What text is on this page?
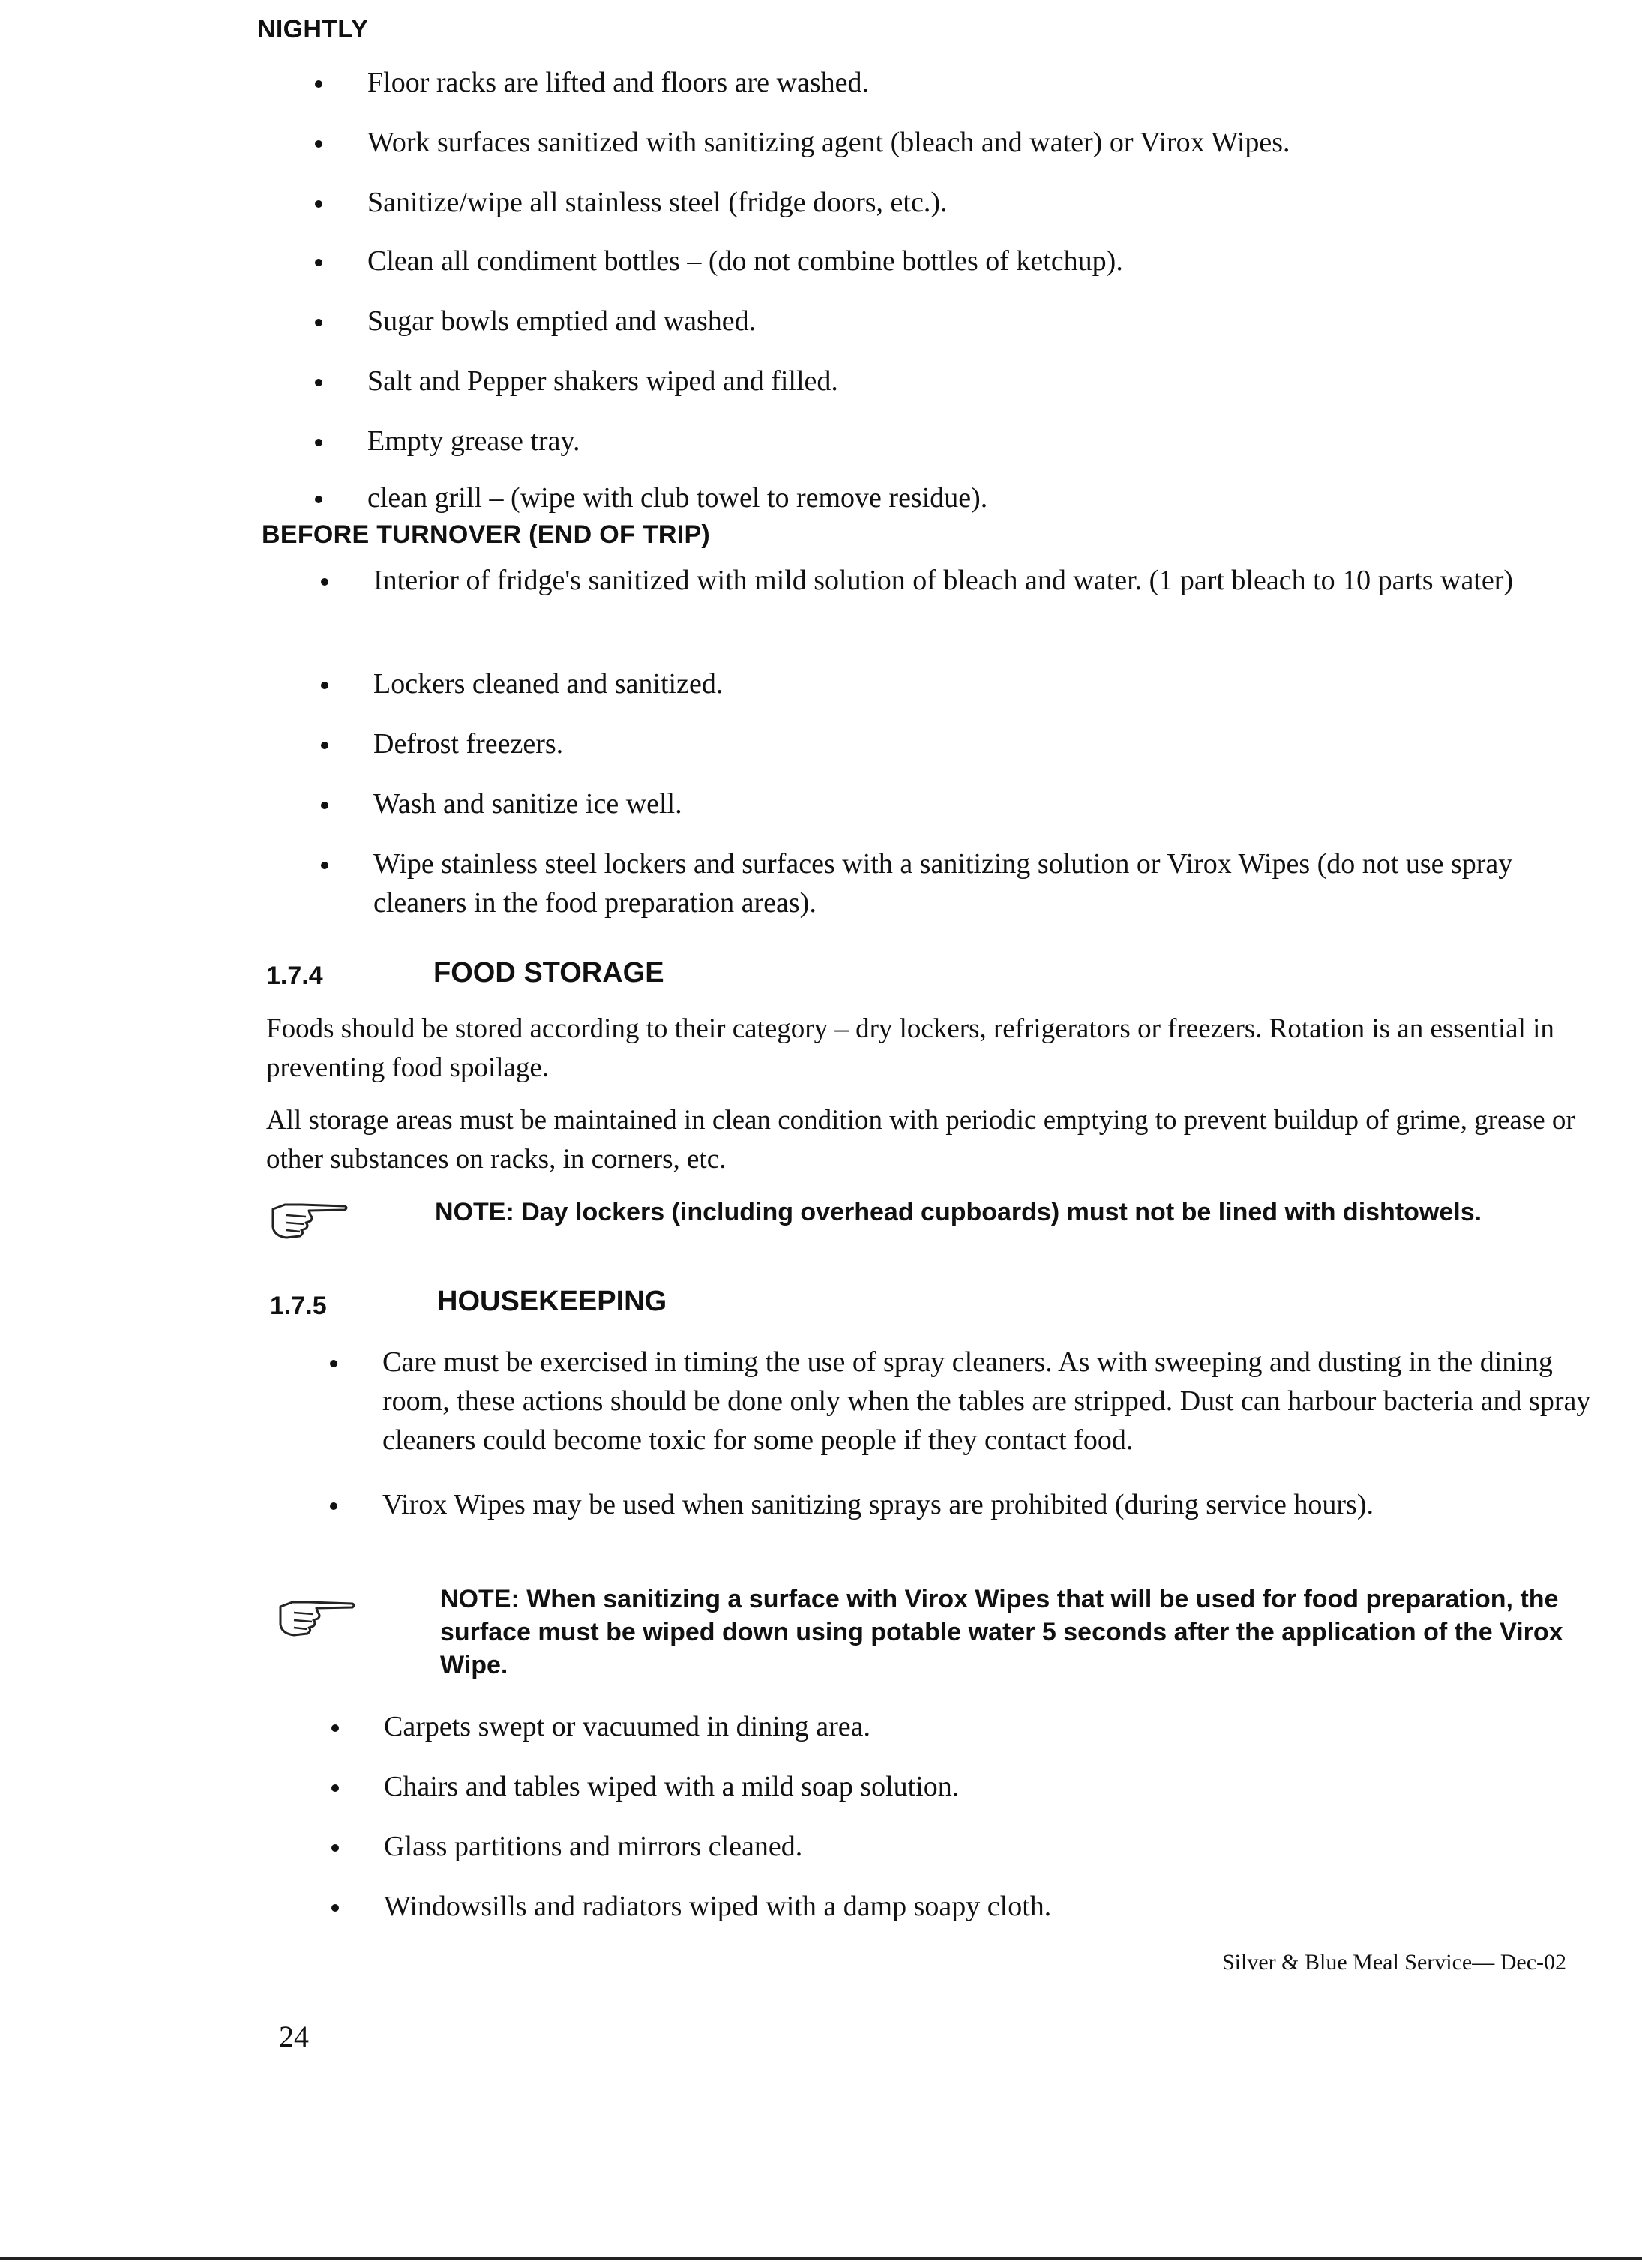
NIGHTLY
Floor racks are lifted and floors are washed.
Work surfaces sanitized with sanitizing agent (bleach and water) or Virox Wipes.
Sanitize/wipe all stainless steel (fridge doors, etc.).
Clean all condiment bottles – (do not combine bottles of ketchup).
Sugar bowls emptied and washed.
Salt and Pepper shakers wiped and filled.
Empty grease tray.
clean grill – (wipe with club towel to remove residue).
BEFORE TURNOVER (END OF TRIP)
Interior of fridge's sanitized with mild solution of bleach and water. (1 part bleach to 10 parts water)
Lockers cleaned and sanitized.
Defrost freezers.
Wash and sanitize ice well.
Wipe stainless steel lockers and surfaces with a sanitizing solution or Virox Wipes (do not use spray cleaners in the food preparation areas).
1.7.4	FOOD STORAGE
Foods should be stored according to their category – dry lockers, refrigerators or freezers. Rotation is an essential in preventing food spoilage.
All storage areas must be maintained in clean condition with periodic emptying to prevent buildup of grime, grease or other substances on racks, in corners, etc.
NOTE: Day lockers (including overhead cupboards) must not be lined with dishtowels.
1.7.5	HOUSEKEEPING
Care must be exercised in timing the use of spray cleaners. As with sweeping and dusting in the dining room, these actions should be done only when the tables are stripped. Dust can harbour bacteria and spray cleaners could become toxic for some people if they contact food.
Virox Wipes may be used when sanitizing sprays are prohibited (during service hours).
NOTE: When sanitizing a surface with Virox Wipes that will be used for food preparation, the surface must be wiped down using potable water 5 seconds after the application of the Virox Wipe.
Carpets swept or vacuumed in dining area.
Chairs and tables wiped with a mild soap solution.
Glass partitions and mirrors cleaned.
Windowsills and radiators wiped with a damp soapy cloth.
Silver & Blue Meal Service— Dec-02
24
